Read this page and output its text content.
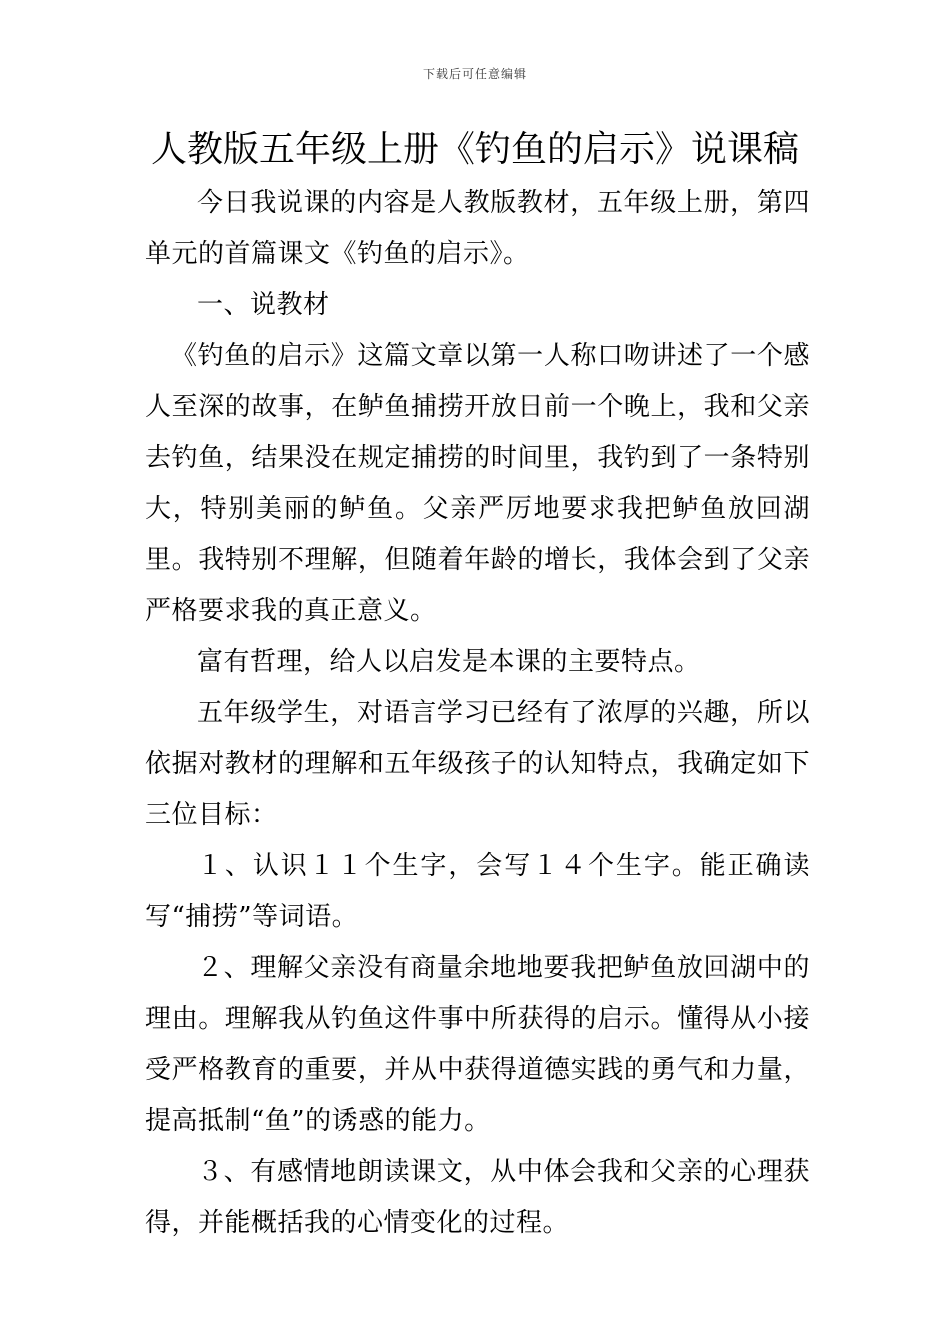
下载后可任意编辑
人教版五年级上册《钓鱼的启示》说课稿

今日我说课的内容是人教版教材，五年级上册，第四单元的首篇课文《钓鱼的启示》。

一、说教材

《钓鱼的启示》这篇文章以第一人称口吻讲述了一个感人至深的故事，在鲈鱼捕捞开放日前一个晚上，我和父亲去钓鱼，结果没在规定捕捞的时间里，我钓到了一条特别大，特别美丽的鲈鱼。父亲严厉地要求我把鲈鱼放回湖里。我特别不理解，但随着年龄的增长，我体会到了父亲严格要求我的真正意义。

富有哲理，给人以启发是本课的主要特点。

五年级学生，对语言学习已经有了浓厚的兴趣，所以依据对教材的理解和五年级孩子的认知特点，我确定如下三位目标：

１、认识１１个生字，会写１４个生字。能正确读写“捕捞”等词语。

２、理解父亲没有商量余地地要我把鲈鱼放回湖中的理由。理解我从钓鱼这件事中所获得的启示。懂得从小接受严格教育的重要，并从中获得道德实践的勇气和力量，提高抵制“鱼”的诱惑的能力。

３、有感情地朗读课文，从中体会我和父亲的心理获得，并能概括我的心情变化的过程。
